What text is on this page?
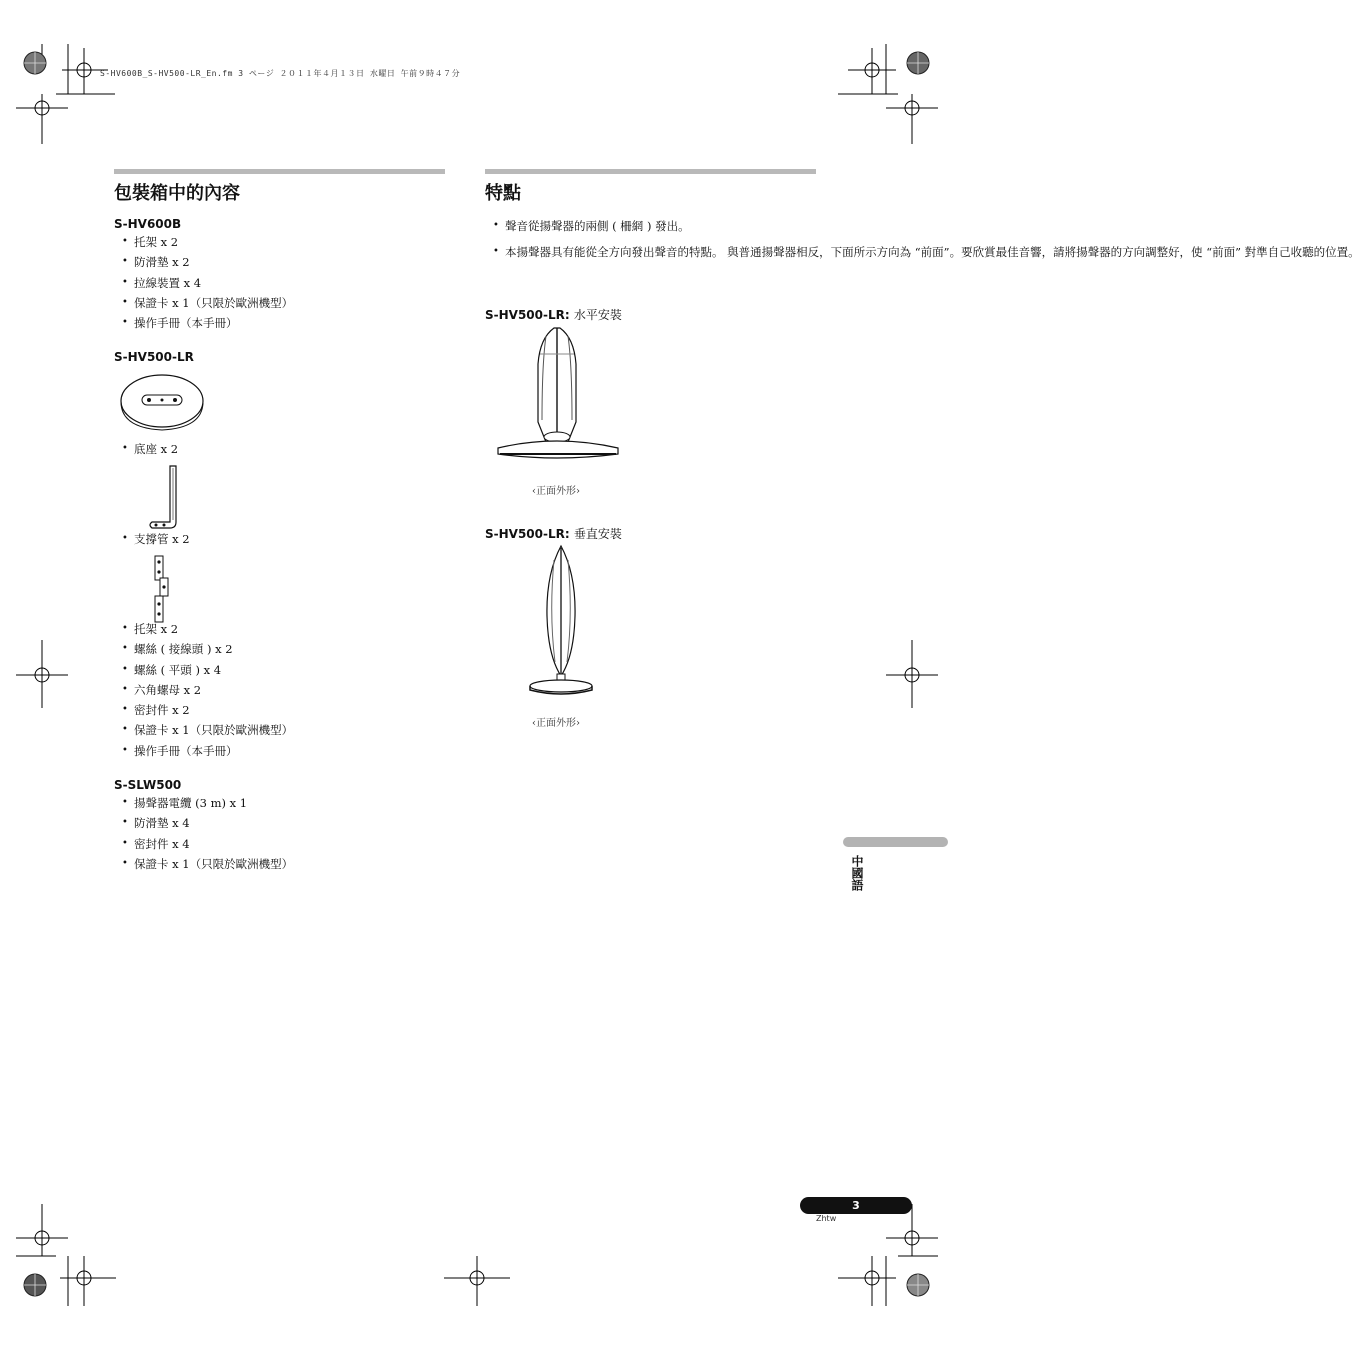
S-HV600B_S-HV500-LR_En.fm 3 ページ ２０１１年４月１３日 水曜日 午前９時４７分
包裝箱中的內容
S-HV600B
• 托架 x 2
• 防滑墊 x 2
• 拉線裝置 x 4
• 保證卡 x 1（只限於歐洲機型）
• 操作手冊（本手冊）
S-HV500-LR
• 底座 x 2
• 支撐管 x 2
• 托架 x 2
• 螺絲 ( 接線頭 ) x 2
• 螺絲 ( 平頭 ) x 4
• 六角螺母 x 2
• 密封件 x 2
• 保證卡 x 1（只限於歐洲機型）
• 操作手冊（本手冊）
S-SLW500
• 揚聲器電纜 (3 m) x 1
• 防滑墊 x 4
• 密封件 x 4
• 保證卡 x 1（只限於歐洲機型）
特點
• 聲音從揚聲器的兩側 ( 柵網 ) 發出。
• 本揚聲器具有能從全方向發出聲音的特點。 與普通揚聲器相反，下面所示方向為 “前面”。要欣賞最佳音響，請將揚聲器的方向調整好，使 “前面” 對準自己收聽的位置。
S-HV500-LR: 水平安裝
‹正面外形›
S-HV500-LR: 垂直安裝
‹正面外形›
中國語
3
Zhtw
